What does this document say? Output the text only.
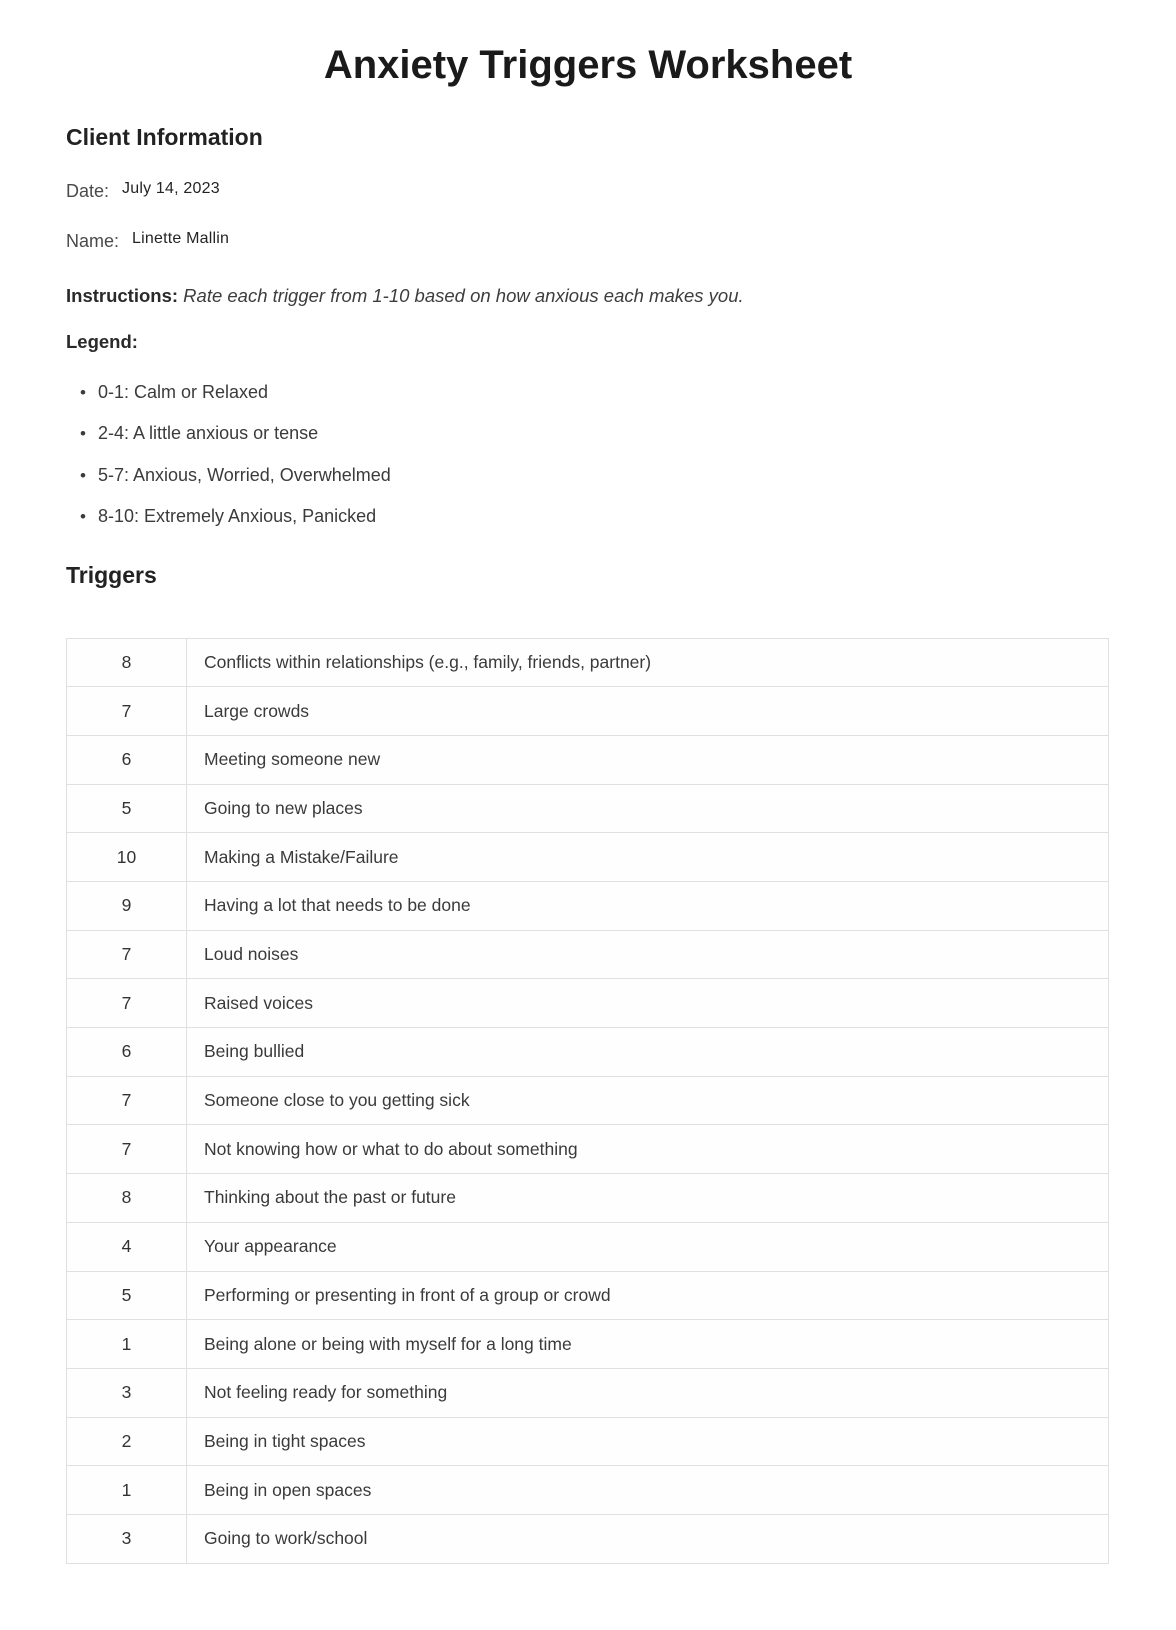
Anxiety Triggers Worksheet
Client Information
Date: July 14, 2023
Name: Linette Mallin
Instructions: Rate each trigger from 1-10 based on how anxious each makes you.
Legend:
• 0-1: Calm or Relaxed
• 2-4: A little anxious or tense
• 5-7: Anxious, Worried, Overwhelmed
• 8-10: Extremely Anxious, Panicked
Triggers
8	Conflicts within relationships (e.g., family, friends, partner)
7	Large crowds
6	Meeting someone new
5	Going to new places
10	Making a Mistake/Failure
9	Having a lot that needs to be done
7	Loud noises
7	Raised voices
6	Being bullied
7	Someone close to you getting sick
7	Not knowing how or what to do about something
8	Thinking about the past or future
4	Your appearance
5	Performing or presenting in front of a group or crowd
1	Being alone or being with myself for a long time
3	Not feeling ready for something
2	Being in tight spaces
1	Being in open spaces
3	Going to work/school
